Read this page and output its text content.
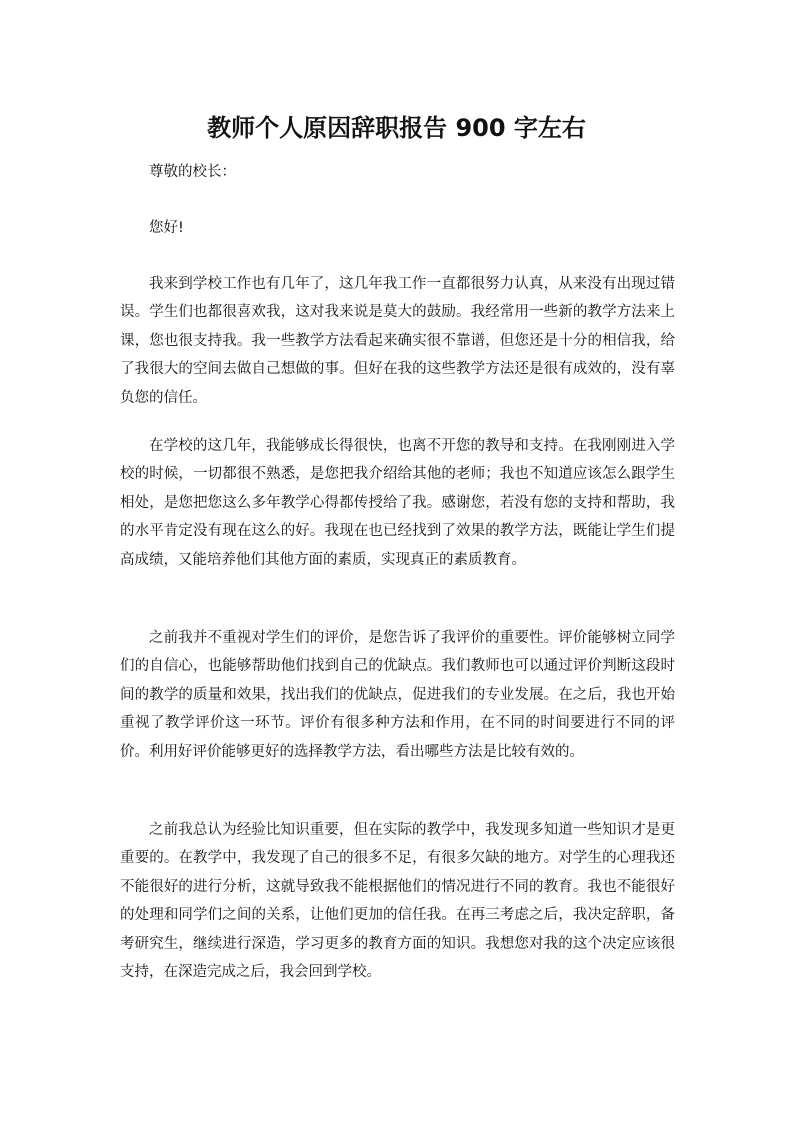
教师个人原因辞职报告 900 字左右

尊敬的校长：

您好!

我来到学校工作也有几年了，这几年我工作一直都很努力认真，从来没有出现过错误。学生们也都很喜欢我，这对我来说是莫大的鼓励。我经常用一些新的教学方法来上课，您也很支持我。我一些教学方法看起来确实很不靠谱，但您还是十分的相信我，给了我很大的空间去做自己想做的事。但好在我的这些教学方法还是很有成效的，没有辜负您的信任。

在学校的这几年，我能够成长得很快，也离不开您的教导和支持。在我刚刚进入学校的时候，一切都很不熟悉，是您把我介绍给其他的老师；我也不知道应该怎么跟学生相处，是您把您这么多年教学心得都传授给了我。感谢您，若没有您的支持和帮助，我的水平肯定没有现在这么的好。我现在也已经找到了效果的教学方法，既能让学生们提高成绩，又能培养他们其他方面的素质，实现真正的素质教育。

之前我并不重视对学生们的评价，是您告诉了我评价的重要性。评价能够树立同学们的自信心，也能够帮助他们找到自己的优缺点。我们教师也可以通过评价判断这段时间的教学的质量和效果，找出我们的优缺点，促进我们的专业发展。在之后，我也开始重视了教学评价这一环节。评价有很多种方法和作用，在不同的时间要进行不同的评价。利用好评价能够更好的选择教学方法，看出哪些方法是比较有效的。

之前我总认为经验比知识重要，但在实际的教学中，我发现多知道一些知识才是更重要的。在教学中，我发现了自己的很多不足，有很多欠缺的地方。对学生的心理我还不能很好的进行分析，这就导致我不能根据他们的情况进行不同的教育。我也不能很好的处理和同学们之间的关系，让他们更加的信任我。在再三考虑之后，我决定辞职，备考研究生，继续进行深造，学习更多的教育方面的知识。我想您对我的这个决定应该很支持，在深造完成之后，我会回到学校。
